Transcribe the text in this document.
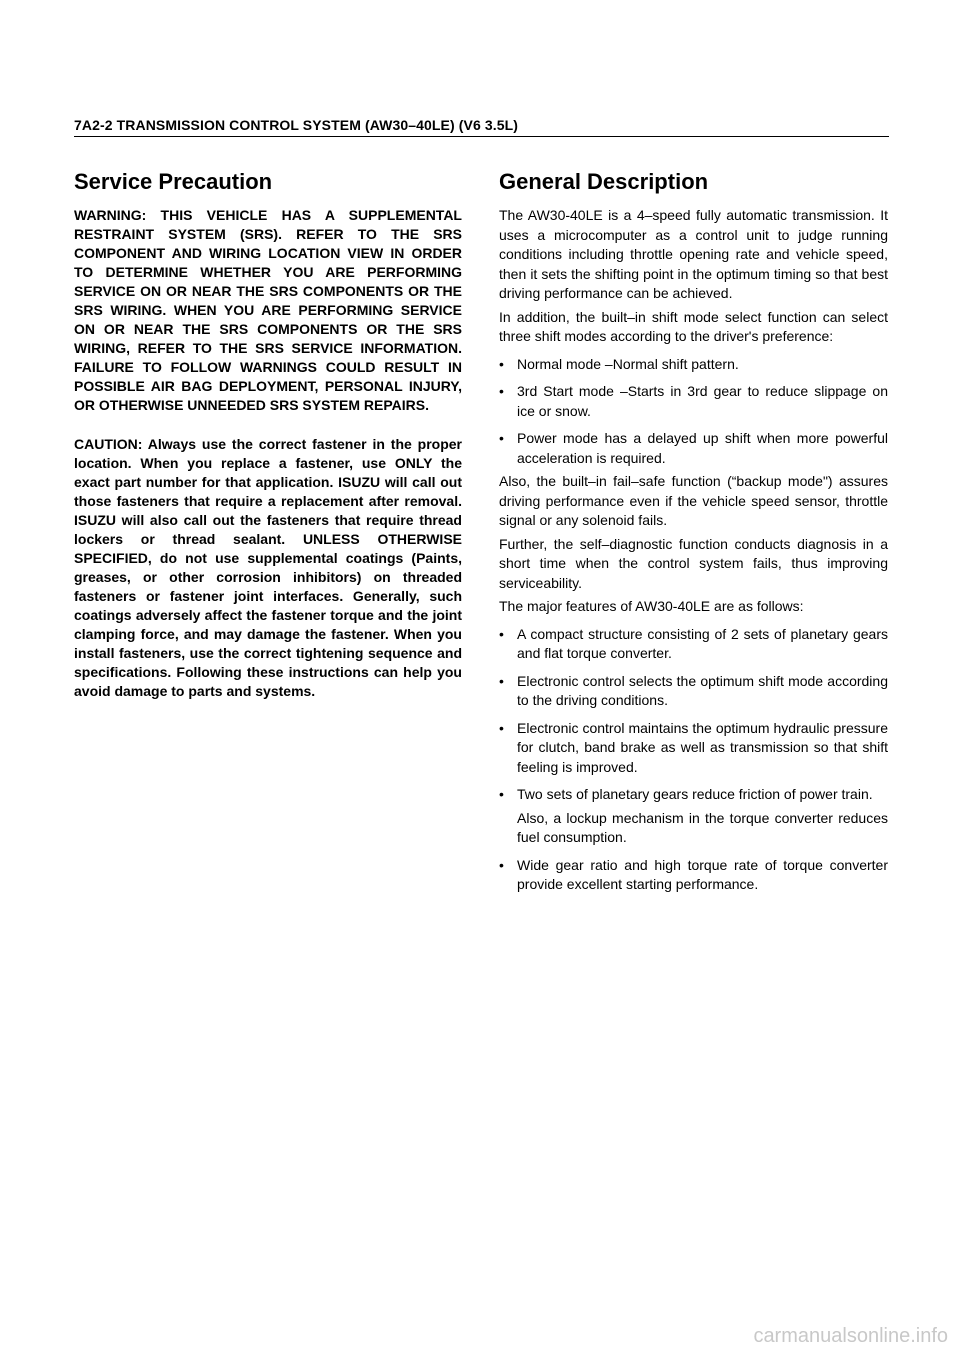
7A2-2 TRANSMISSION CONTROL SYSTEM (AW30–40LE) (V6 3.5L)
Service Precaution

WARNING: THIS VEHICLE HAS A SUPPLEMENTAL RESTRAINT SYSTEM (SRS). REFER TO THE SRS COMPONENT AND WIRING LOCATION VIEW IN ORDER TO DETERMINE WHETHER YOU ARE PERFORMING SERVICE ON OR NEAR THE SRS COMPONENTS OR THE SRS WIRING. WHEN YOU ARE PERFORMING SERVICE ON OR NEAR THE SRS COMPONENTS OR THE SRS WIRING, REFER TO THE SRS SERVICE INFORMATION. FAILURE TO FOLLOW WARNINGS COULD RESULT IN POSSIBLE AIR BAG DEPLOYMENT, PERSONAL INJURY, OR OTHERWISE UNNEEDED SRS SYSTEM REPAIRS.

CAUTION: Always use the correct fastener in the proper location. When you replace a fastener, use ONLY the exact part number for that application. ISUZU will call out those fasteners that require a replacement after removal. ISUZU will also call out the fasteners that require thread lockers or thread sealant. UNLESS OTHERWISE SPECIFIED, do not use supplemental coatings (Paints, greases, or other corrosion inhibitors) on threaded fasteners or fastener joint interfaces. Generally, such coatings adversely affect the fastener torque and the joint clamping force, and may damage the fastener. When you install fasteners, use the correct tightening sequence and specifications. Following these instructions can help you avoid damage to parts and systems.

General Description

The AW30-40LE is a 4–speed fully automatic transmission. It uses a microcomputer as a control unit to judge running conditions including throttle opening rate and vehicle speed, then it sets the shifting point in the optimum timing so that best driving performance can be achieved.

In addition, the built–in shift mode select function can select three shift modes according to the driver's preference:

• Normal mode –Normal shift pattern.
• 3rd Start mode –Starts in 3rd gear to reduce slippage on ice or snow.
• Power mode has a delayed up shift when more powerful acceleration is required.

Also, the built–in fail–safe function (“backup mode") assures driving performance even if the vehicle speed sensor, throttle signal or any solenoid fails.

Further, the self–diagnostic function conducts diagnosis in a short time when the control system fails, thus improving serviceability.

The major features of AW30-40LE are as follows:

• A compact structure consisting of 2 sets of planetary gears and flat torque converter.
• Electronic control selects the optimum shift mode according to the driving conditions.
• Electronic control maintains the optimum hydraulic pressure for clutch, band brake as well as transmission so that shift feeling is improved.
• Two sets of planetary gears reduce friction of power train.
Also, a lockup mechanism in the torque converter reduces fuel consumption.
• Wide gear ratio and high torque rate of torque converter provide excellent starting performance.
carmanualsonline.info
